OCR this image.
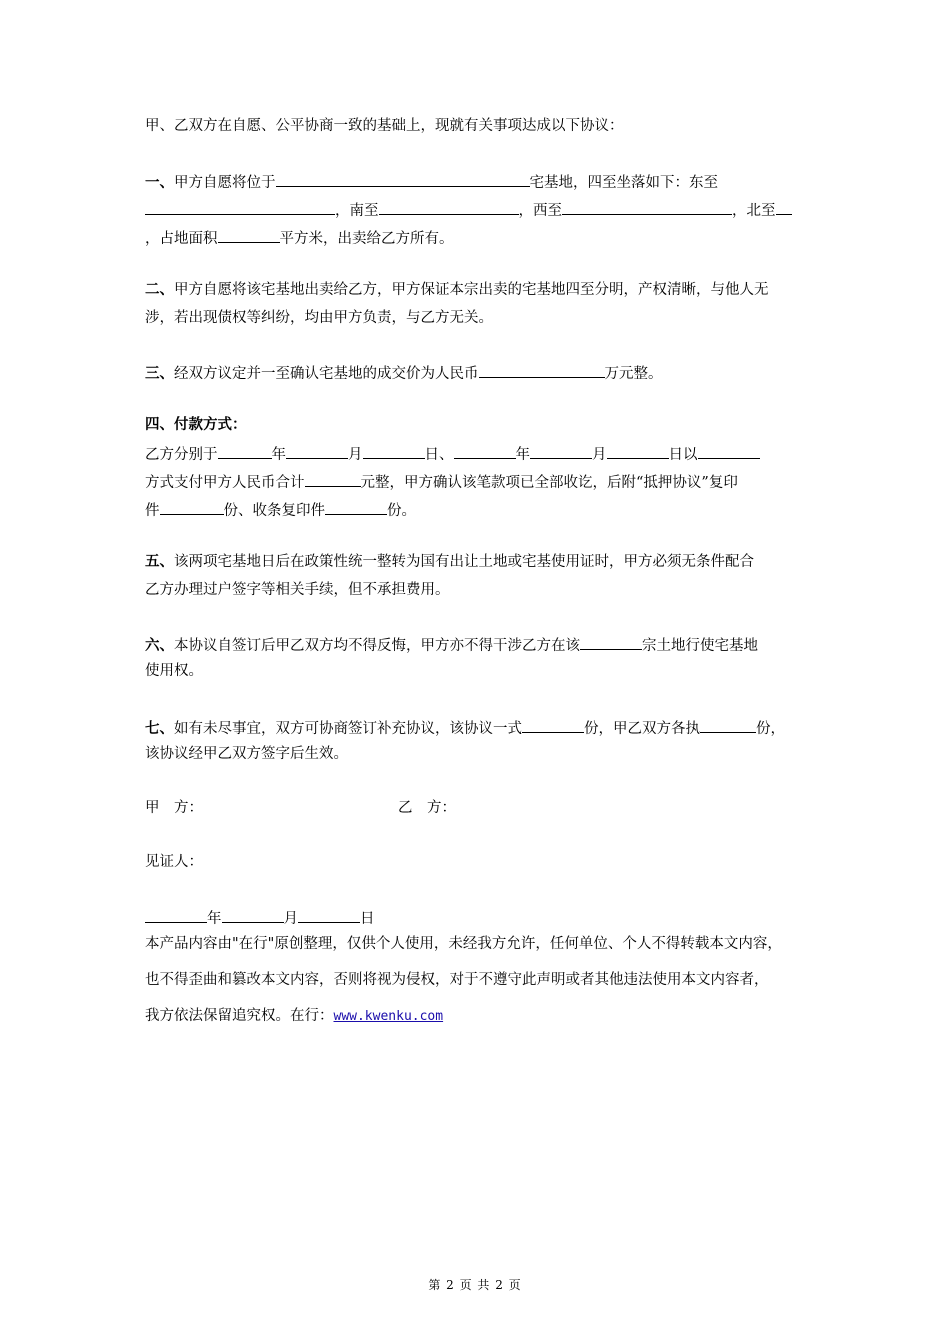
甲、乙双方在自愿、公平协商一致的基础上，现就有关事项达成以下协议：
一、甲方自愿将位于	宅基地，四至坐落如下：东至
，南至	，西至	，北至
，占地面积	平方米，出卖给乙方所有。
二、甲方自愿将该宅基地出卖给乙方，甲方保证本宗出卖的宅基地四至分明，产权清晰，与他人无
涉，若出现债权等纠纷，均由甲方负责，与乙方无关。
三、经双方议定并一至确认宅基地的成交价为人民币	万元整。
四、付款方式：
乙方分别于	年	月	日、	年	月	日以
方式支付甲方人民币合计	元整，甲方确认该笔款项已全部收讫，后附“抵押协议”复印
件	份、收条复印件	份。
五、该两项宅基地日后在政策性统一整转为国有出让土地或宅基使用证时，甲方必须无条件配合
乙方办理过户签字等相关手续，但不承担费用。
六、本协议自签订后甲乙双方均不得反悔，甲方亦不得干涉乙方在该	宗土地行使宅基地
使用权。
七、如有未尽事宜，双方可协商签订补充协议，该协议一式	份，甲乙双方各执	份，
该协议经甲乙双方签字后生效。
甲　方：	乙　方：
见证人：
年	月	日
本产品内容由"在行"原创整理，仅供个人使用，未经我方允许，任何单位、个人不得转载本文内容，
也不得歪曲和篡改本文内容，否则将视为侵权，对于不遵守此声明或者其他违法使用本文内容者，
我方依法保留追究权。在行：www.kwenku.com
第 2 页 共 2 页
